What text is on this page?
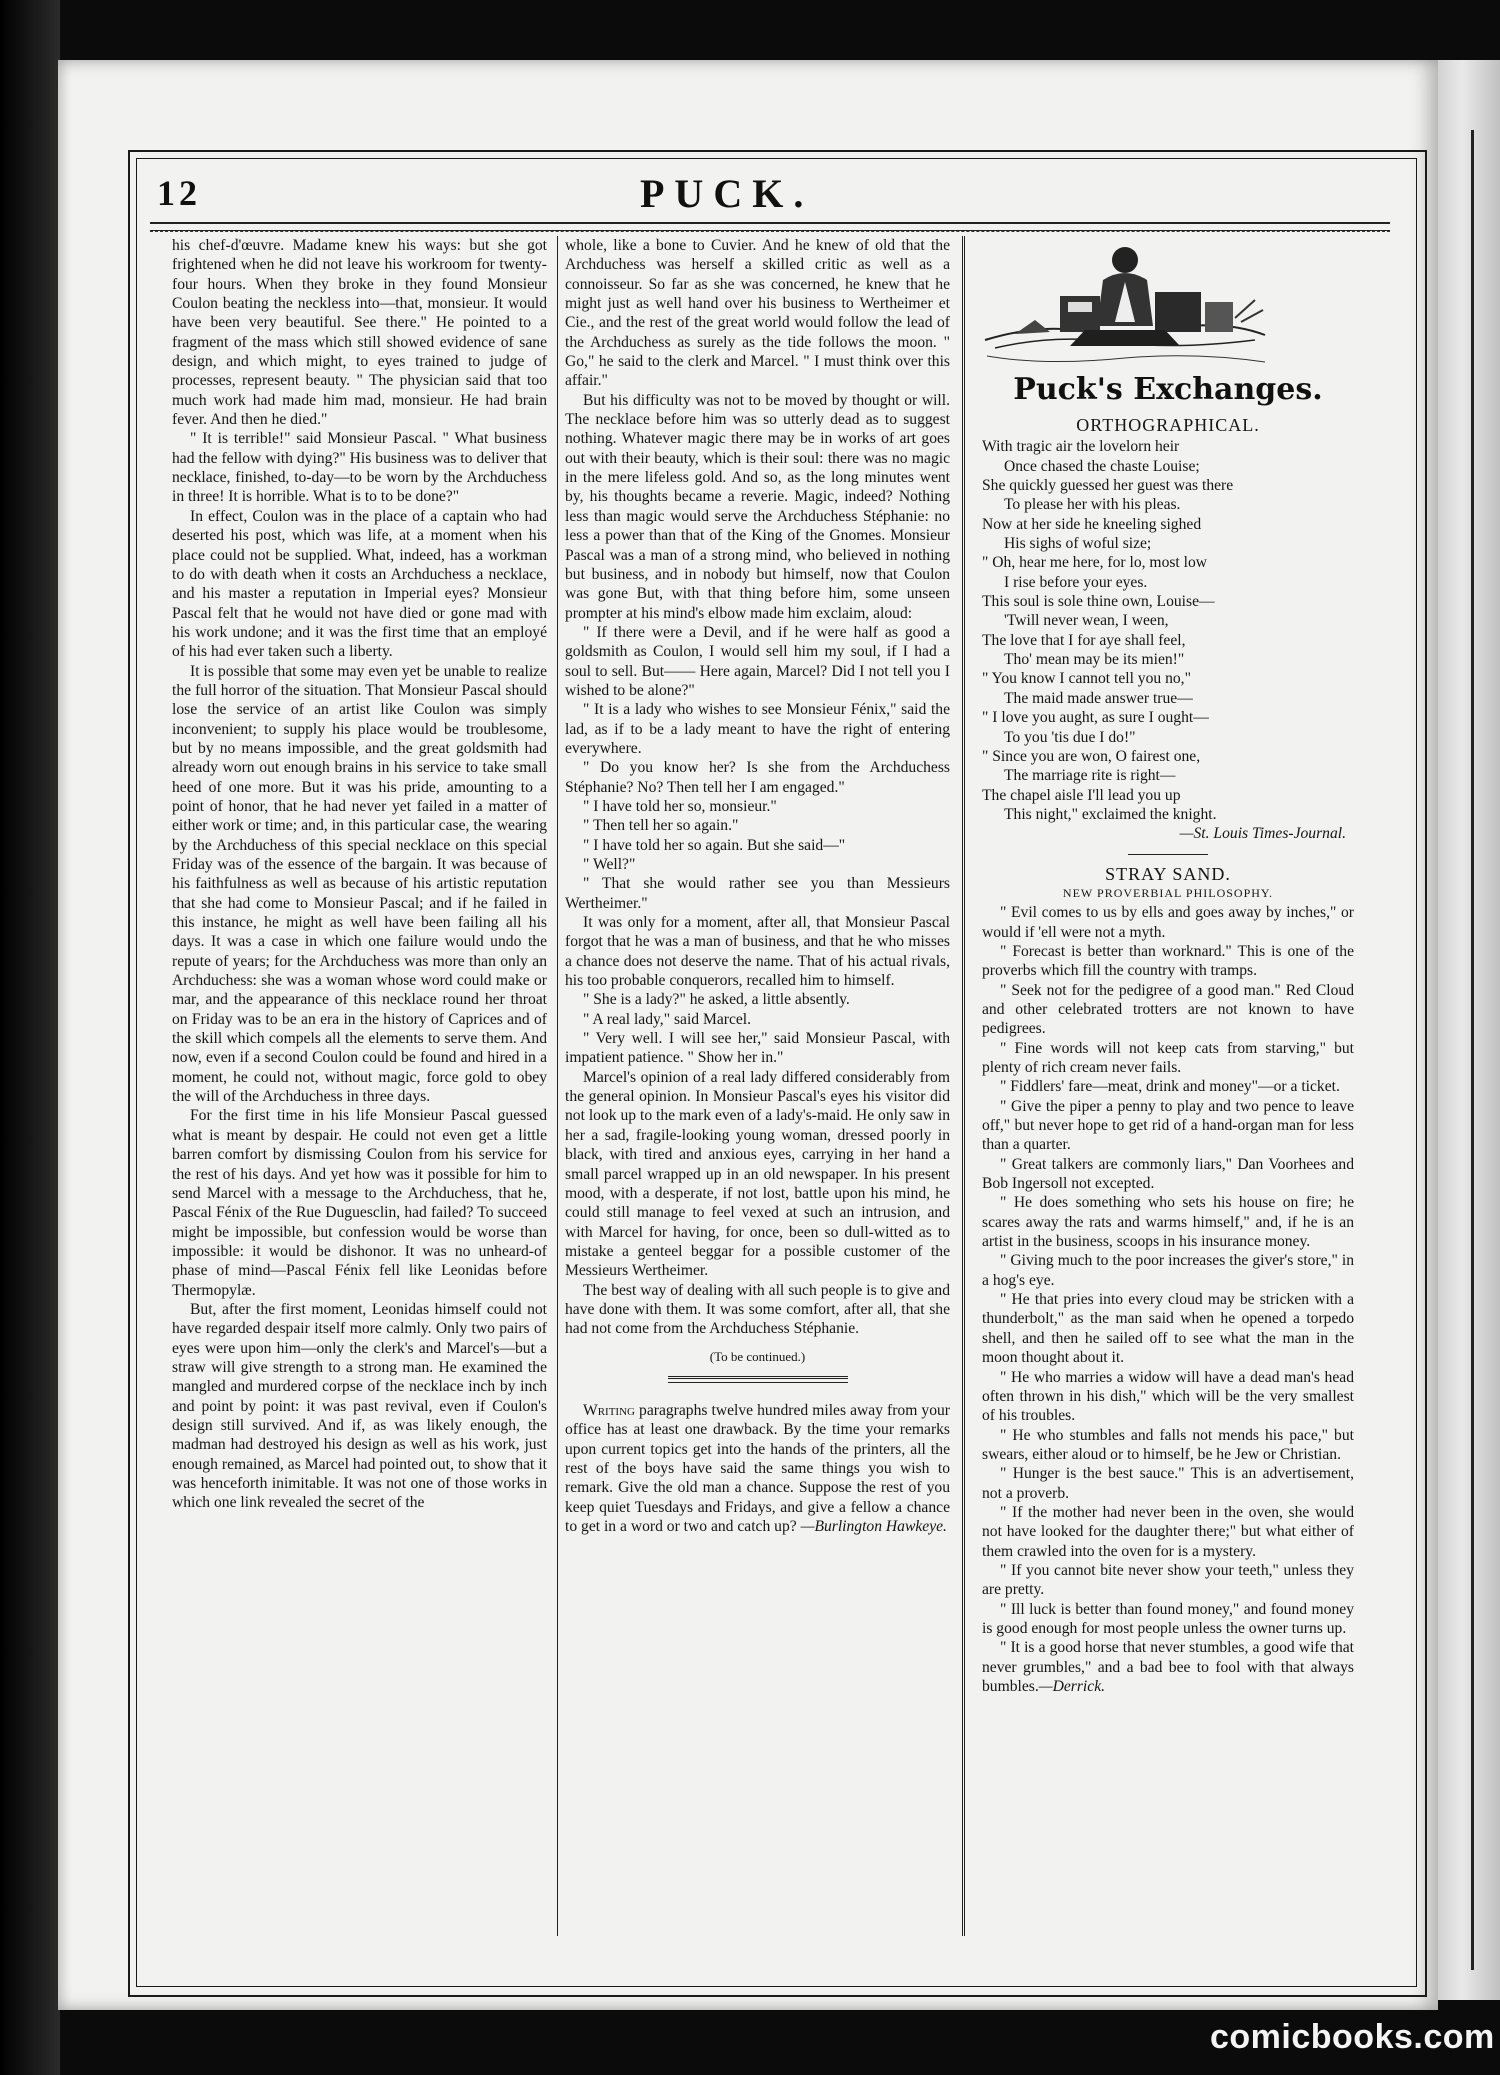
12	PUCK.

his chef-d'œuvre. Madame knew his ways: but she got frightened when he did not leave his workroom for twenty-four hours. When they broke in they found Monsieur Coulon beating the neckless into—that, monsieur. It would have been very beautiful. See there." He pointed to a fragment of the mass which still showed evidence of sane design, and which might, to eyes trained to judge of processes, represent beauty. " The physician said that too much work had made him mad, monsieur. He had brain fever. And then he died."

" It is terrible!" said Monsieur Pascal. " What business had the fellow with dying?" His business was to deliver that necklace, finished, to-day—to be worn by the Archduchess in three! It is horrible. What is to to be done?"

In effect, Coulon was in the place of a captain who had deserted his post, which was life, at a moment when his place could not be supplied. What, indeed, has a workman to do with death when it costs an Archduchess a necklace, and his master a reputation in Imperial eyes? Monsieur Pascal felt that he would not have died or gone mad with his work undone; and it was the first time that an employé of his had ever taken such a liberty.

It is possible that some may even yet be unable to realize the full horror of the situation. That Monsieur Pascal should lose the service of an artist like Coulon was simply inconvenient; to supply his place would be troublesome, but by no means impossible, and the great goldsmith had already worn out enough brains in his service to take small heed of one more. But it was his pride, amounting to a point of honor, that he had never yet failed in a matter of either work or time; and, in this particular case, the wearing by the Archduchess of this special necklace on this special Friday was of the essence of the bargain. It was because of his faithfulness as well as because of his artistic reputation that she had come to Monsieur Pascal; and if he failed in this instance, he might as well have been failing all his days. It was a case in which one failure would undo the repute of years; for the Archduchess was more than only an Archduchess: she was a woman whose word could make or mar, and the appearance of this necklace round her throat on Friday was to be an era in the history of Caprices and of the skill which compels all the elements to serve them. And now, even if a second Coulon could be found and hired in a moment, he could not, without magic, force gold to obey the will of the Archduchess in three days.

For the first time in his life Monsieur Pascal guessed what is meant by despair. He could not even get a little barren comfort by dismissing Coulon from his service for the rest of his days. And yet how was it possible for him to send Marcel with a message to the Archduchess, that he, Pascal Fénix of the Rue Duguesclin, had failed? To succeed might be impossible, but confession would be worse than impossible: it would be dishonor. It was no unheard-of phase of mind—Pascal Fénix fell like Leonidas before Thermopylæ.

But, after the first moment, Leonidas himself could not have regarded despair itself more calmly. Only two pairs of eyes were upon him—only the clerk's and Marcel's—but a straw will give strength to a strong man. He examined the mangled and murdered corpse of the necklace inch by inch and point by point: it was past revival, even if Coulon's design still survived. And if, as was likely enough, the madman had destroyed his design as well as his work, just enough remained, as Marcel had pointed out, to show that it was henceforth inimitable. It was not one of those works in which one link revealed the secret of the

whole, like a bone to Cuvier. And he knew of old that the Archduchess was herself a skilled critic as well as a connoisseur. So far as she was concerned, he knew that he might just as well hand over his business to Wertheimer et Cie., and the rest of the great world would follow the lead of the Archduchess as surely as the tide follows the moon. " Go," he said to the clerk and Marcel. " I must think over this affair."

But his difficulty was not to be moved by thought or will. The necklace before him was so utterly dead as to suggest nothing. Whatever magic there may be in works of art goes out with their beauty, which is their soul: there was no magic in the mere lifeless gold. And so, as the long minutes went by, his thoughts became a reverie. Magic, indeed? Nothing less than magic would serve the Archduchess Stéphanie: no less a power than that of the King of the Gnomes. Monsieur Pascal was a man of a strong mind, who believed in nothing but business, and in nobody but himself, now that Coulon was gone But, with that thing before him, some unseen prompter at his mind's elbow made him exclaim, aloud:

" If there were a Devil, and if he were half as good a goldsmith as Coulon, I would sell him my soul, if I had a soul to sell. But—— Here again, Marcel? Did I not tell you I wished to be alone?"

" It is a lady who wishes to see Monsieur Fénix," said the lad, as if to be a lady meant to have the right of entering everywhere.

" Do you know her? Is she from the Archduchess Stéphanie? No? Then tell her I am engaged."

" I have told her so, monsieur."

" Then tell her so again."

" I have told her so again. But she said—"

" Well?"

" That she would rather see you than Messieurs Wertheimer."

It was only for a moment, after all, that Monsieur Pascal forgot that he was a man of business, and that he who misses a chance does not deserve the name. That of his actual rivals, his too probable conquerors, recalled him to himself.

" She is a lady?" he asked, a little absently.

" A real lady," said Marcel.

" Very well. I will see her," said Monsieur Pascal, with impatient patience. " Show her in."

Marcel's opinion of a real lady differed considerably from the general opinion. In Monsieur Pascal's eyes his visitor did not look up to the mark even of a lady's-maid. He only saw in her a sad, fragile-looking young woman, dressed poorly in black, with tired and anxious eyes, carrying in her hand a small parcel wrapped up in an old newspaper. In his present mood, with a desperate, if not lost, battle upon his mind, he could still manage to feel vexed at such an intrusion, and with Marcel for having, for once, been so dull-witted as to mistake a genteel beggar for a possible customer of the Messieurs Wertheimer.

The best way of dealing with all such people is to give and have done with them. It was some comfort, after all, that she had not come from the Archduchess Stéphanie.

(To be continued.)

Writing paragraphs twelve hundred miles away from your office has at least one drawback. By the time your remarks upon current topics get into the hands of the printers, all the rest of the boys have said the same things you wish to remark. Give the old man a chance. Suppose the rest of you keep quiet Tuesdays and Fridays, and give a fellow a chance to get in a word or two and catch up? —Burlington Hawkeye.

Puck's Exchanges.
ORTHOGRAPHICAL.
With tragic air the lovelorn heir
Once chased the chaste Louise;
She quickly guessed her guest was there
To please her with his pleas.
Now at her side he kneeling sighed
His sighs of woful size;
" Oh, hear me here, for lo, most low
I rise before your eyes.
This soul is sole thine own, Louise—
'Twill never wean, I ween,
The love that I for aye shall feel,
Tho' mean may be its mien!"
" You know I cannot tell you no,"
The maid made answer true—
" I love you aught, as sure I ought—
To you 'tis due I do!"
" Since you are won, O fairest one,
The marriage rite is right—
The chapel aisle I'll lead you up
This night," exclaimed the knight.
—St. Louis Times-Journal.
STRAY SAND.
NEW PROVERBIAL PHILOSOPHY.

" Evil comes to us by ells and goes away by inches," or would if 'ell were not a myth.

" Forecast is better than worknard." This is one of the proverbs which fill the country with tramps.

" Seek not for the pedigree of a good man." Red Cloud and other celebrated trotters are not known to have pedigrees.

" Fine words will not keep cats from starving," but plenty of rich cream never fails.

" Fiddlers' fare—meat, drink and money"—or a ticket.

" Give the piper a penny to play and two pence to leave off," but never hope to get rid of a hand-organ man for less than a quarter.

" Great talkers are commonly liars," Dan Voorhees and Bob Ingersoll not excepted.

" He does something who sets his house on fire; he scares away the rats and warms himself," and, if he is an artist in the business, scoops in his insurance money.

" Giving much to the poor increases the giver's store," in a hog's eye.

" He that pries into every cloud may be stricken with a thunderbolt," as the man said when he opened a torpedo shell, and then he sailed off to see what the man in the moon thought about it.

" He who marries a widow will have a dead man's head often thrown in his dish," which will be the very smallest of his troubles.

" He who stumbles and falls not mends his pace," but swears, either aloud or to himself, be he Jew or Christian.

" Hunger is the best sauce." This is an advertisement, not a proverb.

" If the mother had never been in the oven, she would not have looked for the daughter there;" but what either of them crawled into the oven for is a mystery.

" If you cannot bite never show your teeth," unless they are pretty.

" Ill luck is better than found money," and found money is good enough for most people unless the owner turns up.

" It is a good horse that never stumbles, a good wife that never grumbles," and a bad bee to fool with that always bumbles.—Derrick.

comicbooks.com
